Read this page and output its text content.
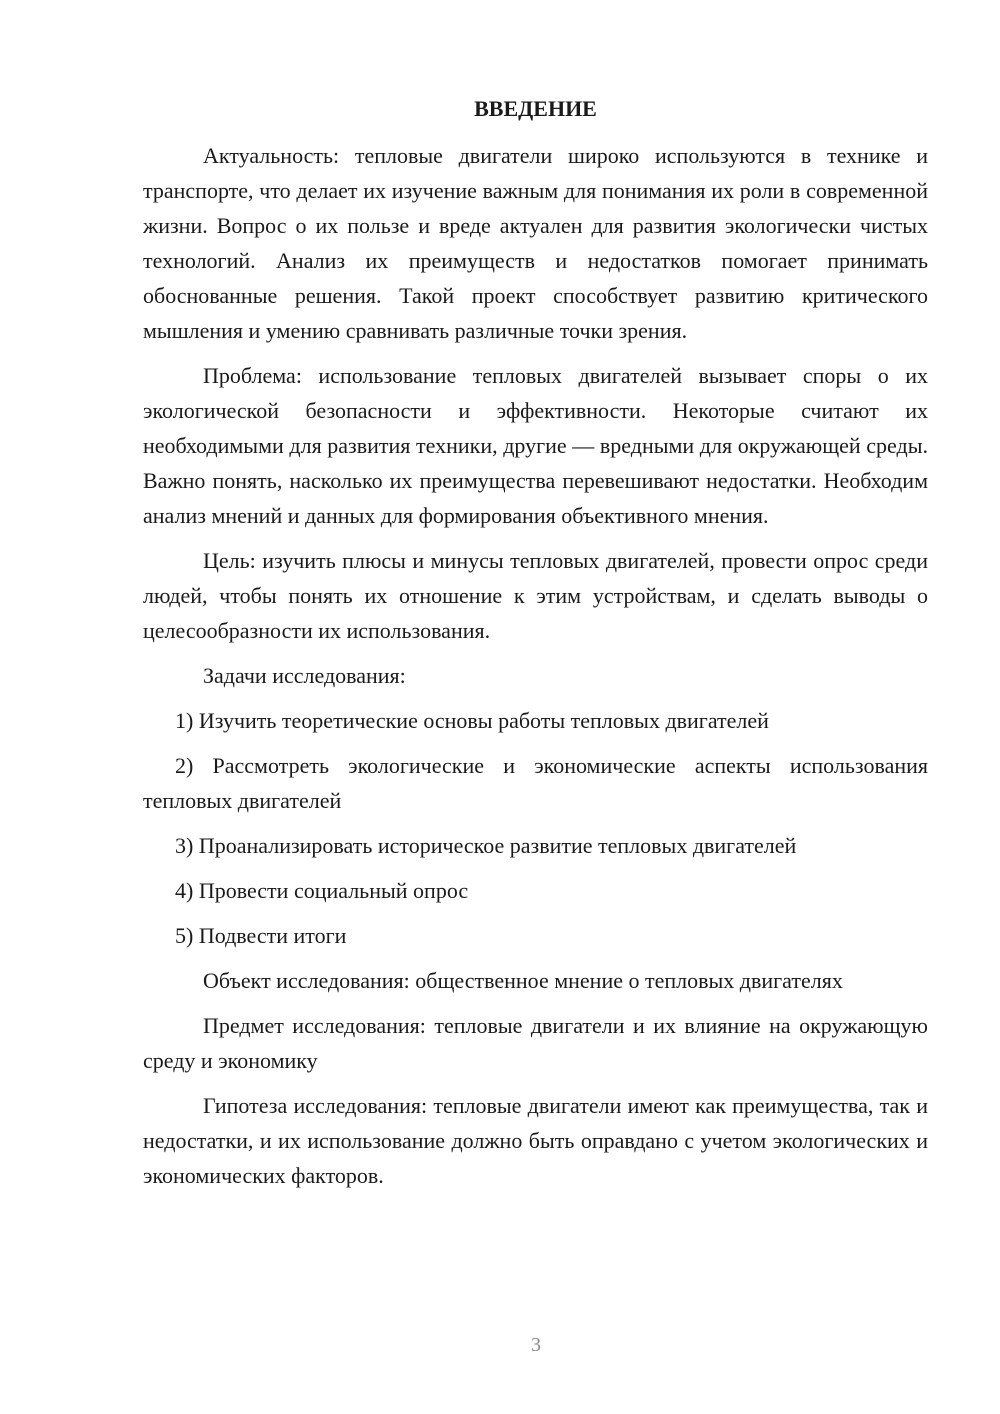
ВВЕДЕНИЕ

Актуальность: тепловые двигатели широко используются в технике и транспорте, что делает их изучение важным для понимания их роли в современной жизни. Вопрос о их пользе и вреде актуален для развития экологически чистых технологий. Анализ их преимуществ и недостатков помогает принимать обоснованные решения. Такой проект способствует развитию критического мышления и умению сравнивать различные точки зрения.

Проблема: использование тепловых двигателей вызывает споры о их экологической безопасности и эффективности. Некоторые считают их необходимыми для развития техники, другие — вредными для окружающей среды. Важно понять, насколько их преимущества перевешивают недостатки. Необходим анализ мнений и данных для формирования объективного мнения.

Цель: изучить плюсы и минусы тепловых двигателей, провести опрос среди людей, чтобы понять их отношение к этим устройствам, и сделать выводы о целесообразности их использования.

Задачи исследования:

1) Изучить теоретические основы работы тепловых двигателей

2) Рассмотреть экологические и экономические аспекты использования тепловых двигателей

3) Проанализировать историческое развитие тепловых двигателей

4) Провести социальный опрос

5) Подвести итоги

Объект исследования: общественное мнение о тепловых двигателях

Предмет исследования: тепловые двигатели и их влияние на окружающую среду и экономику

Гипотеза исследования: тепловые двигатели имеют как преимущества, так и недостатки, и их использование должно быть оправдано с учетом экологических и экономических факторов.

3
